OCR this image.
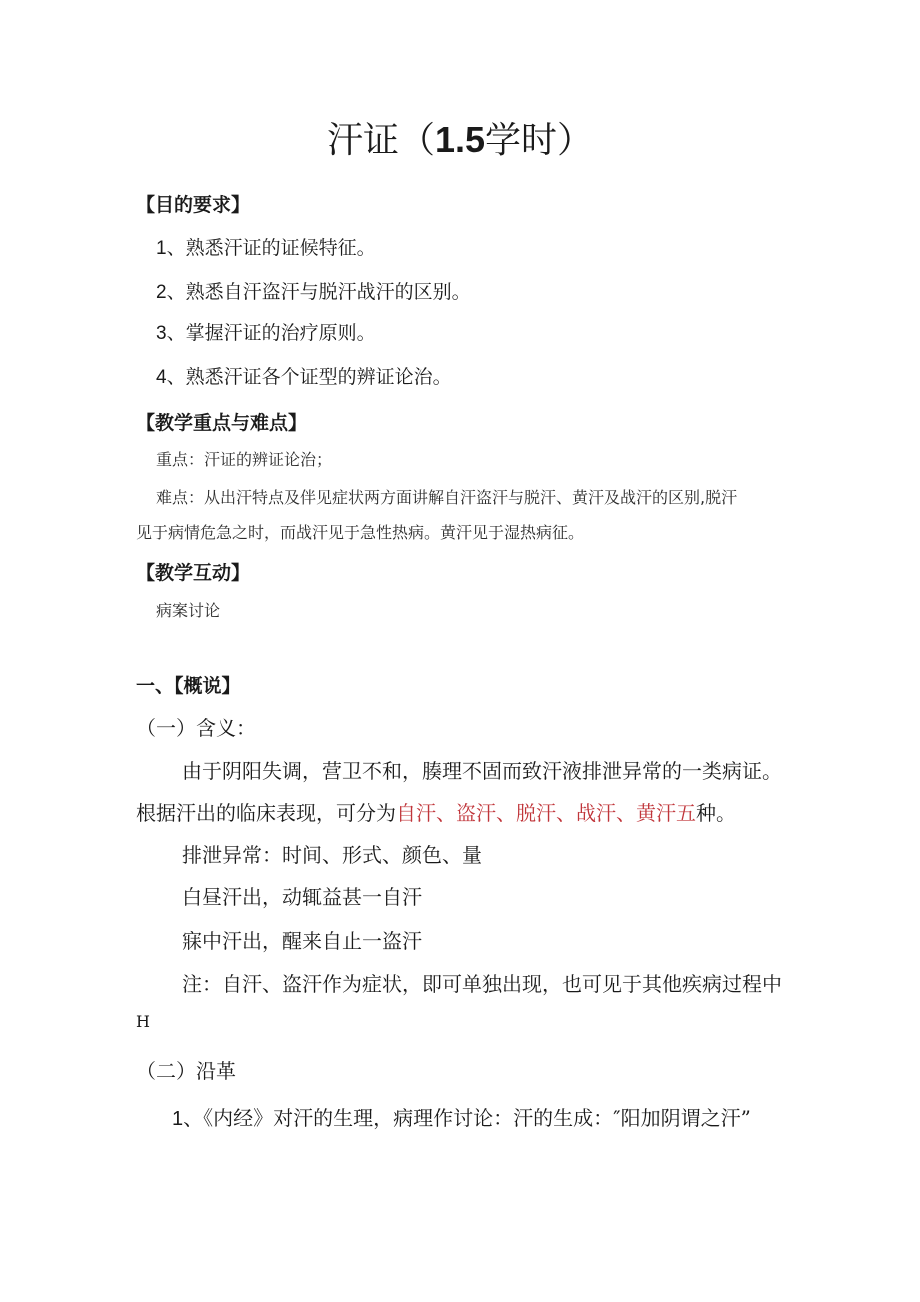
汗证（1.5学时）
【目的要求】
1、熟悉汗证的证候特征。
2、熟悉自汗盗汗与脱汗战汗的区别。
3、掌握汗证的治疗原则。
4、熟悉汗证各个证型的辨证论治。
【教学重点与难点】
重点：汗证的辨证论治；
难点：从出汗特点及伴见症状两方面讲解自汗盗汗与脱汗、黄汗及战汗的区别,脱汗
见于病情危急之时，而战汗见于急性热病。黄汗见于湿热病征。
【教学互动】
病案讨论
一、【概说】
（一）含义：
由于阴阳失调，营卫不和，腠理不固而致汗液排泄异常的一类病证。
根据汗出的临床表现，可分为自汗、盗汗、脱汗、战汗、黄汗五种。
排泄异常：时间、形式、颜色、量
白昼汗出，动辄益甚一自汗
寐中汗出，醒来自止一盗汗
注：自汗、盗汗作为症状，即可单独出现，也可见于其他疾病过程中
H
（二）沿革
1、《内经》对汗的生理，病理作讨论：汗的生成：″阳加阴谓之汗”
